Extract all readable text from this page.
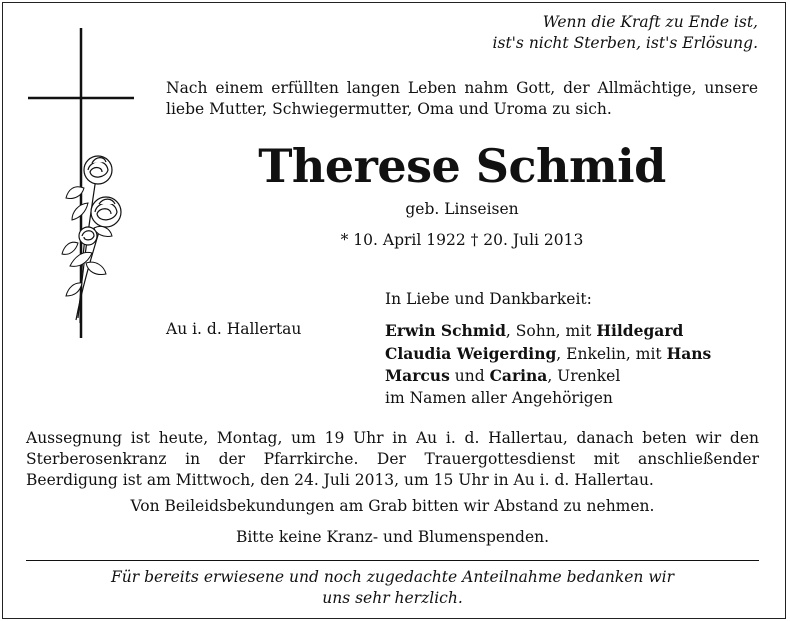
Wenn die Kraft zu Ende ist,
ist's nicht Sterben, ist's Erlösung.
Nach einem erfüllten langen Leben nahm Gott, der Allmächtige, unsere liebe Mutter, Schwiegermutter, Oma und Uroma zu sich.
Therese Schmid
geb. Linseisen
* 10. April 1922 † 20. Juli 2013
In Liebe und Dankbarkeit:
Au i. d. Hallertau	Erwin Schmid, Sohn, mit Hildegard
Claudia Weigerding, Enkelin, mit Hans
Marcus und Carina, Urenkel
im Namen aller Angehörigen
Aussegnung ist heute, Montag, um 19 Uhr in Au i. d. Hallertau, danach beten wir den Sterberosenkranz in der Pfarrkirche. Der Trauergottesdienst mit anschließender Beerdigung ist am Mittwoch, den 24. Juli 2013, um 15 Uhr in Au i. d. Hallertau.
Von Beileidsbekundungen am Grab bitten wir Abstand zu nehmen.
Bitte keine Kranz- und Blumenspenden.
Für bereits erwiesene und noch zugedachte Anteilnahme bedanken wir
uns sehr herzlich.
